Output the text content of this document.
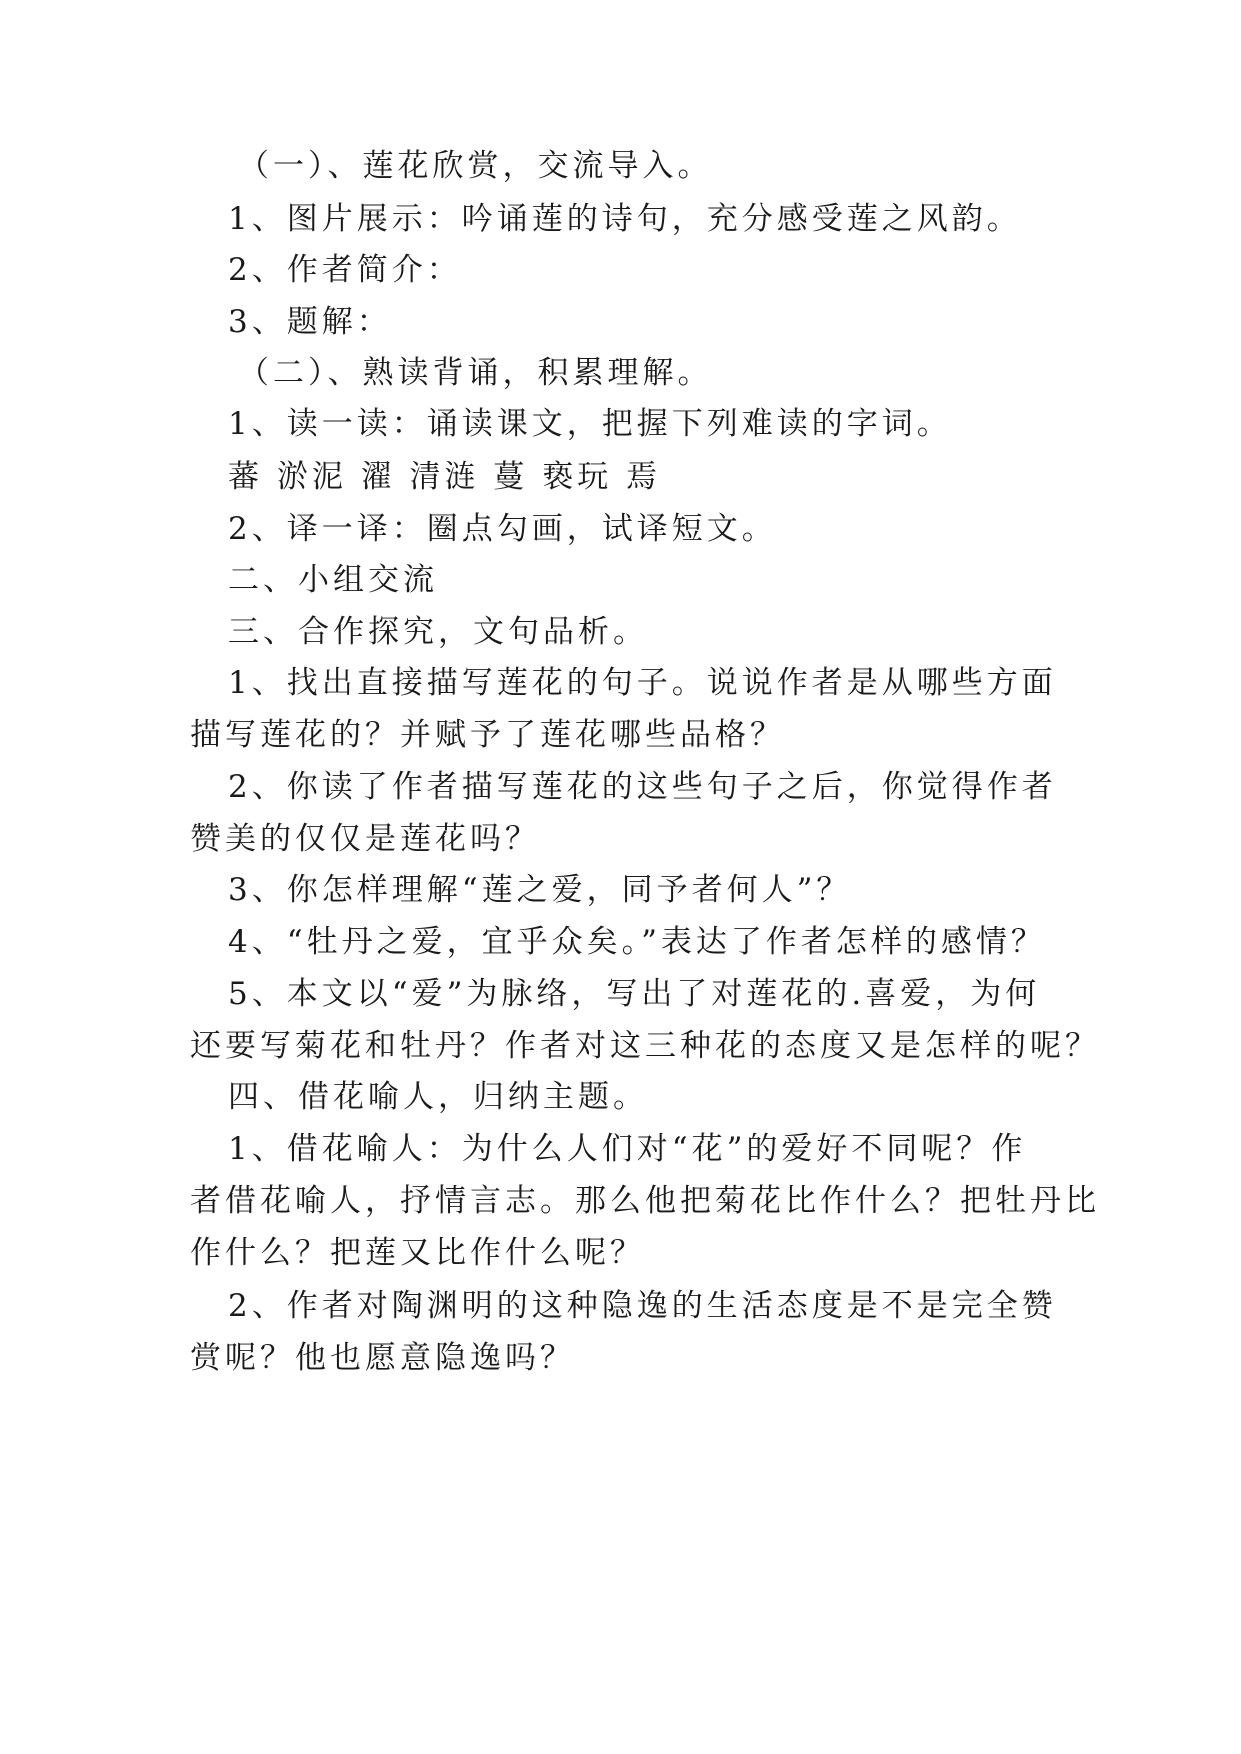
（一）、莲花欣赏，交流导入。
1、图片展示：吟诵莲的诗句，充分感受莲之风韵。
2、作者简介：
3、题解：
（二）、熟读背诵，积累理解。
1、读一读：诵读课文，把握下列难读的字词。
蕃 淤泥 濯 清涟 蔓 亵玩 焉
2、译一译：圈点勾画，试译短文。
二、小组交流
三、合作探究，文句品析。
1、找出直接描写莲花的句子。说说作者是从哪些方面
描写莲花的？并赋予了莲花哪些品格？
2、你读了作者描写莲花的这些句子之后，你觉得作者
赞美的仅仅是莲花吗？
3、你怎样理解“莲之爱，同予者何人”？
4、“牡丹之爱，宜乎众矣。”表达了作者怎样的感情？
5、本文以“爱”为脉络，写出了对莲花的.喜爱，为何
还要写菊花和牡丹？作者对这三种花的态度又是怎样的呢？
四、借花喻人，归纳主题。
1、借花喻人：为什么人们对“花”的爱好不同呢？作
者借花喻人，抒情言志。那么他把菊花比作什么？把牡丹比
作什么？把莲又比作什么呢？
2、作者对陶渊明的这种隐逸的生活态度是不是完全赞
赏呢？他也愿意隐逸吗？
